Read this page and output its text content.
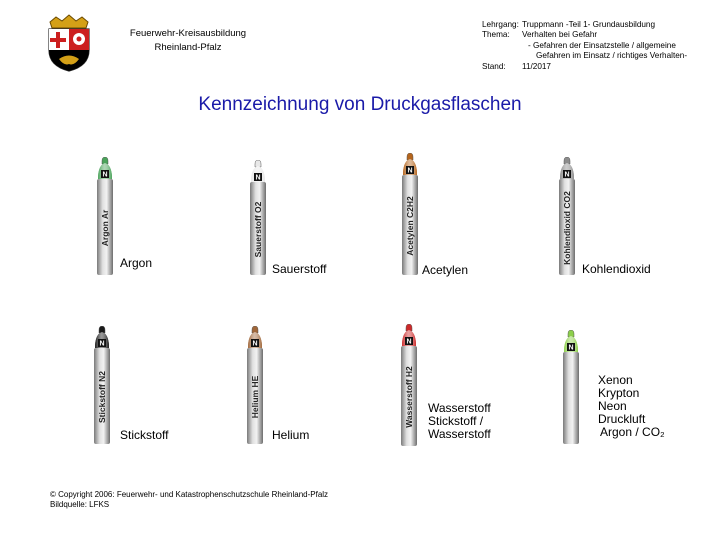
Feuerwehr-Kreisausbildung
Rheinland-Pfalz
Lehrgang: Truppmann -Teil 1- Grundausbildung
Thema:	Verhalten bei Gefahr
- Gefahren der Einsatzstelle / allgemeine
Gefahren im Einsatz / richtiges Verhalten-
Stand:	11/2017
Kennzeichnung von Druckgasflaschen
N
Argon Ar
Argon
N
Sauerstoff O2
Sauerstoff
N
Acetylen C2H2
Acetylen
N
Kohlendioxid CO2
Kohlendioxid
N
Stickstoff N2
Stickstoff
N
Helium HE
Helium
N
Wasserstoff H2 Wasserstoff
Stickstoff /
Wasserstoff
N
Xenon
Krypton
Neon
Druckluft
Argon / CO₂
© Copyright 2006: Feuerwehr- und Katastrophenschutzschule Rheinland-Pfalz
Bildquelle: LFKS
